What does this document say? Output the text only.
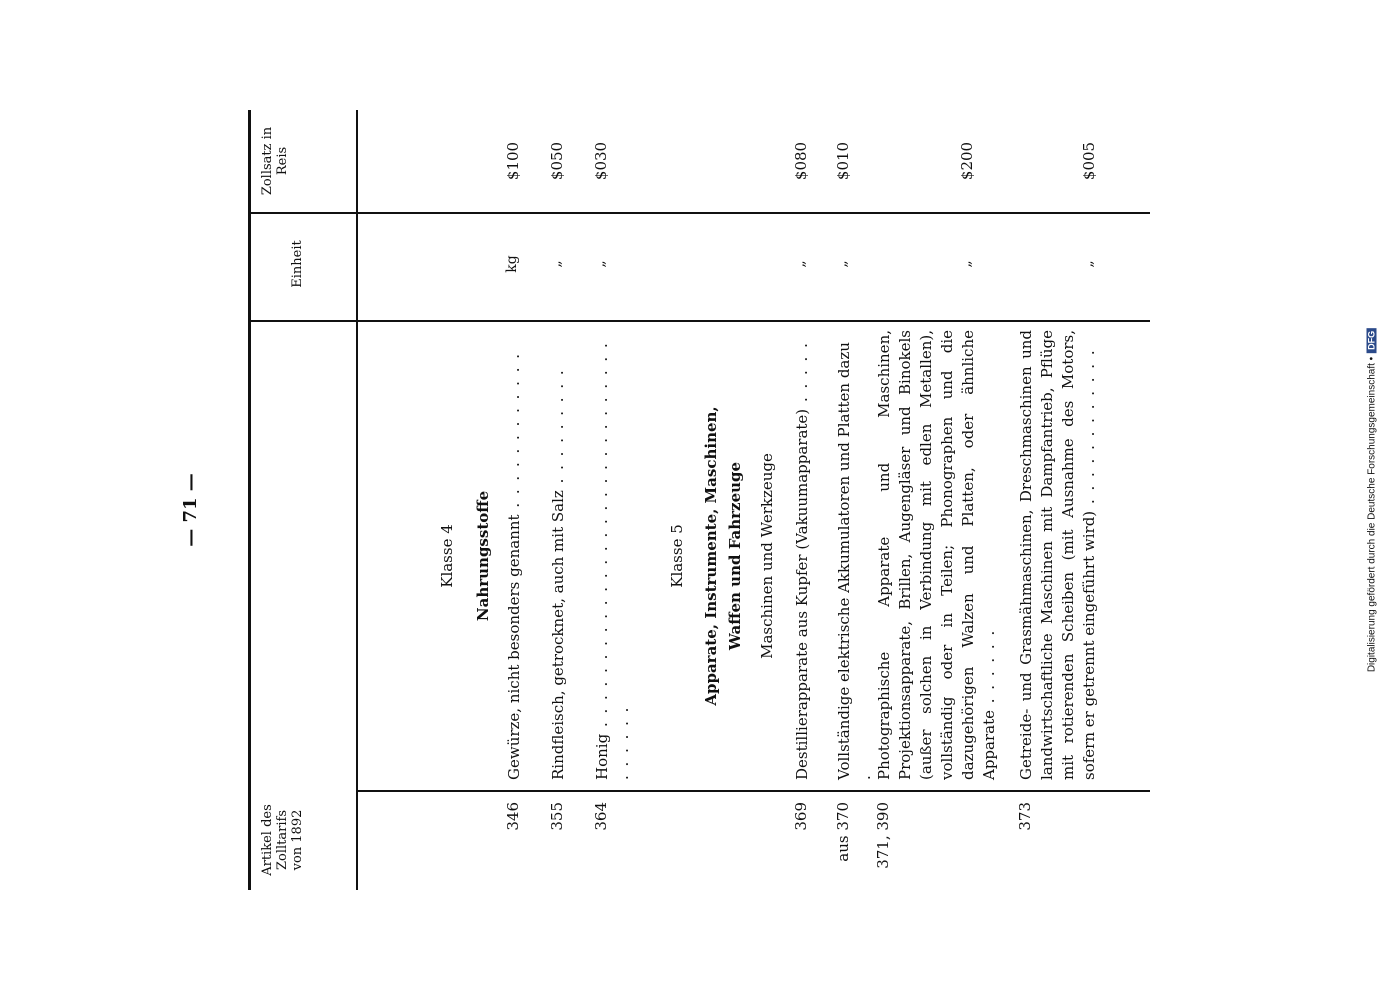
— 71 —
Artikel des Zolltarifs von 1892
Einheit
Zollsatz in Reis
Klasse 4 Nahrungsstoffe
346
Gewürze, nicht besonders genannt . . . . . . . . . . . .
kg
$100
355
Rindfleisch, getrocknet, auch mit Salz . . . . . . . . .
„
$050
364
Honig . . . . . . . . . . . . . . . . . . . . . . . . . . . . . . . . . . .
„
$030
Klasse 5 Apparate, Instrumente, Maschinen, Waffen und Fahrzeuge Maschinen und Werkzeuge
369
Destillierapparate aus Kupfer (Vakuumapparate) . . . . .
„
$080
aus 370
Vollständige elektrische Akkumulatoren und Platten dazu .
„
$010
371, 390
Photographische Apparate und Maschinen, Projektionsapparate, Brillen, Augengläser und Binokels (außer solchen in Verbindung mit edlen Metallen), vollständig oder in Teilen; Phonographen und die dazugehörigen Walzen und Platten, oder ähnliche Apparate . . . . . .
„
$200
373
Getreide- und Grasmähmaschinen, Dreschmaschinen und landwirtschaftliche Maschinen mit Dampfantrieb, Pflüge mit rotierenden Scheiben (mit Ausnahme des Motors, sofern er getrennt eingeführt wird) . . . . . . . . . . . .
„
$005
Digitalisierung gefördert durch die Deutsche Forschungsgemeinschaft •DFG
